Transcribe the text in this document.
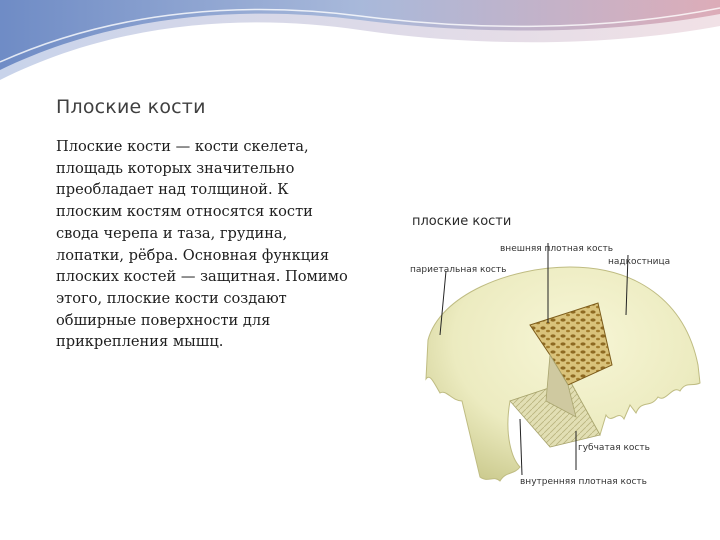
Плоские кости
Плоские кости — кости скелета,
площадь которых значительно
преобладает над толщиной. К
плоским костям относятся кости
свода черепа и таза, грудина,
лопатки, рёбра. Основная функция
плоских костей — защитная. Помимо
этого, плоские кости создают
обширные поверхности для
прикрепления мышц.
плоские кости
внешняя плотная кость
надкостница
париетальная кость
губчатая кость
внутренняя плотная кость
